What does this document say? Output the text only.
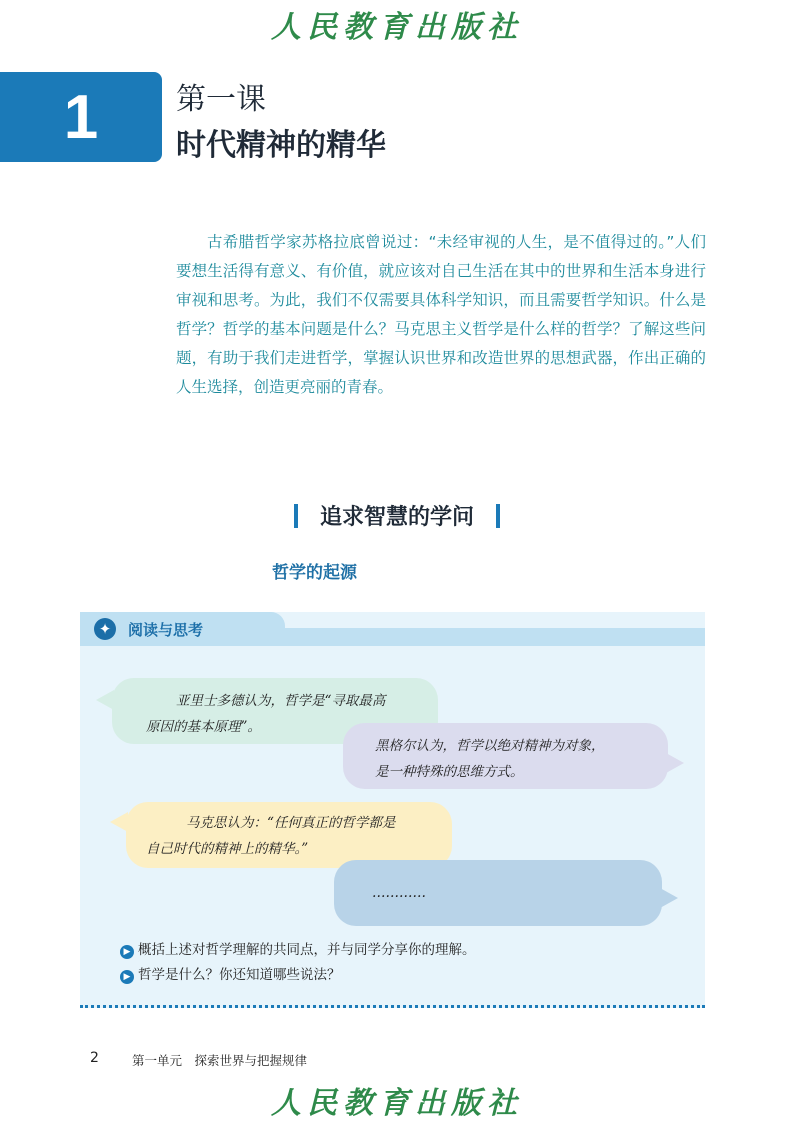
人民教育出版社
1	第一课
时代精神的精华

古希腊哲学家苏格拉底曾说过：“未经审视的人生，是不值得过的。”人们要想生活得有意义、有价值，就应该对自己生活在其中的世界和生活本身进行审视和思考。为此，我们不仅需要具体科学知识，而且需要哲学知识。什么是哲学？哲学的基本问题是什么？马克思主义哲学是什么样的哲学？了解这些问题，有助于我们走进哲学，掌握认识世界和改造世界的思想武器，作出正确的人生选择，创造更亮丽的青春。

追求智慧的学问
哲学的起源
✦	阅读与思考
亚里士多德认为，哲学是“寻取最高
原因的基本原理”。
黑格尔认为，哲学以绝对精神为对象，
是一种特殊的思维方式。
马克思认为：“任何真正的哲学都是
自己时代的精神上的精华。”
…………
▶ 概括上述对哲学理解的共同点，并与同学分享你的理解。
▶ 哲学是什么？你还知道哪些说法？
2	第一单元　探索世界与把握规律
人民教育出版社
